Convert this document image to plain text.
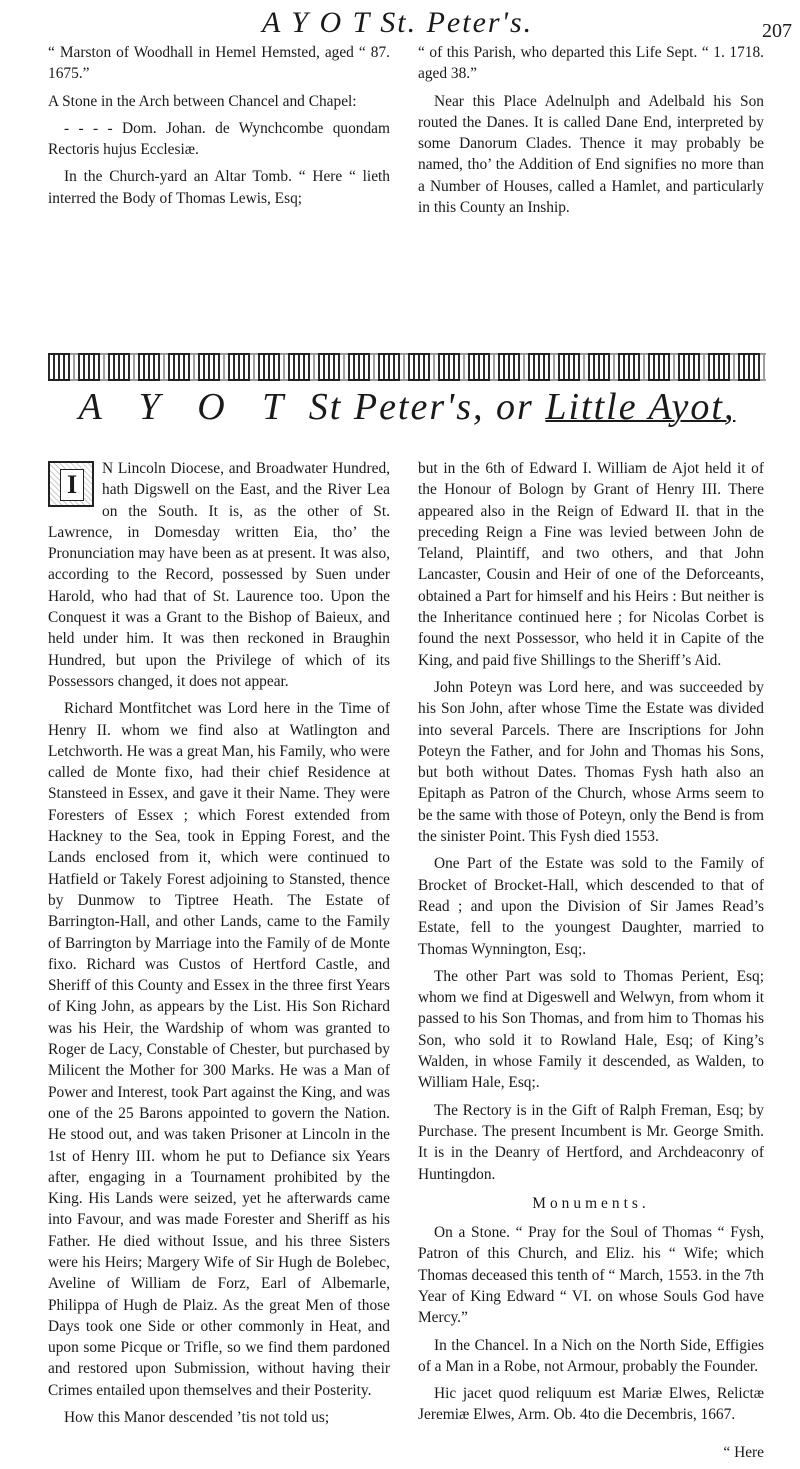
A Y O T St. Peter's.	207

“ Marston of Woodhall in Hemel Hemsted, aged “ 87. 1675.”

A Stone in the Arch between Chancel and Chapel:

- - - - Dom. Johan. de Wynchcombe quondam Rectoris hujus Ecclesiæ.

In the Church-yard an Altar Tomb. “ Here “ lieth interred the Body of Thomas Lewis, Esq;

“ of this Parish, who departed this Life Sept. “ 1. 1718. aged 38.”

Near this Place Adelnulph and Adelbald his Son routed the Danes. It is called Dane End, interpreted by some Danorum Clades. Thence it may probably be named, tho’ the Addition of End signifies no more than a Number of Houses, called a Hamlet, and particularly in this County an Inship.

A Y O T St Peter's, or Little Ayot,

I
N Lincoln Diocese, and Broadwater Hundred, hath Digswell on the East, and the River Lea on the South. It is, as the other of St. Lawrence, in Domesday written Eia, tho’ the Pronunciation may have been as at present. It was also, according to the Record, possessed by Suen under Harold, who had that of St. Laurence too. Upon the Conquest it was a Grant to the Bishop of Baieux, and held under him. It was then reckoned in Braughin Hundred, but upon the Privilege of which of its Possessors changed, it does not appear.

Richard Montfitchet was Lord here in the Time of Henry II. whom we find also at Watlington and Letchworth. He was a great Man, his Family, who were called de Monte fixo, had their chief Residence at Stansteed in Essex, and gave it their Name. They were Foresters of Essex ; which Forest extended from Hackney to the Sea, took in Epping Forest, and the Lands enclosed from it, which were continued to Hatfield or Takely Forest adjoining to Stansted, thence by Dunmow to Tiptree Heath. The Estate of Barrington-Hall, and other Lands, came to the Family of Barrington by Marriage into the Family of de Monte fixo. Richard was Custos of Hertford Castle, and Sheriff of this County and Essex in the three first Years of King John, as appears by the List. His Son Richard was his Heir, the Wardship of whom was granted to Roger de Lacy, Constable of Chester, but purchased by Milicent the Mother for 300 Marks. He was a Man of Power and Interest, took Part against the King, and was one of the 25 Barons appointed to govern the Nation. He stood out, and was taken Prisoner at Lincoln in the 1st of Henry III. whom he put to Defiance six Years after, engaging in a Tournament prohibited by the King. His Lands were seized, yet he afterwards came into Favour, and was made Forester and Sheriff as his Father. He died without Issue, and his three Sisters were his Heirs; Margery Wife of Sir Hugh de Bolebec, Aveline of William de Forz, Earl of Albemarle, Philippa of Hugh de Plaiz. As the great Men of those Days took one Side or other commonly in Heat, and upon some Picque or Trifle, so we find them pardoned and restored upon Submission, without having their Crimes entailed upon themselves and their Posterity.

How this Manor descended ’tis not told us;

but in the 6th of Edward I. William de Ajot held it of the Honour of Bologn by Grant of Henry III. There appeared also in the Reign of Edward II. that in the preceding Reign a Fine was levied between John de Teland, Plaintiff, and two others, and that John Lancaster, Cousin and Heir of one of the Deforceants, obtained a Part for himself and his Heirs : But neither is the Inheritance continued here ; for Nicolas Corbet is found the next Possessor, who held it in Capite of the King, and paid five Shillings to the Sheriff’s Aid.

John Poteyn was Lord here, and was succeeded by his Son John, after whose Time the Estate was divided into several Parcels. There are Inscriptions for John Poteyn the Father, and for John and Thomas his Sons, but both without Dates. Thomas Fysh hath also an Epitaph as Patron of the Church, whose Arms seem to be the same with those of Poteyn, only the Bend is from the sinister Point. This Fysh died 1553.

One Part of the Estate was sold to the Family of Brocket of Brocket-Hall, which descended to that of Read ; and upon the Division of Sir James Read’s Estate, fell to the youngest Daughter, married to Thomas Wynnington, Esq;.

The other Part was sold to Thomas Perient, Esq; whom we find at Digeswell and Welwyn, from whom it passed to his Son Thomas, and from him to Thomas his Son, who sold it to Rowland Hale, Esq; of King’s Walden, in whose Family it descended, as Walden, to William Hale, Esq;.

The Rectory is in the Gift of Ralph Freman, Esq; by Purchase. The present Incumbent is Mr. George Smith. It is in the Deanry of Hertford, and Archdeaconry of Huntingdon.

Monuments.

On a Stone. “ Pray for the Soul of Thomas “ Fysh, Patron of this Church, and Eliz. his “ Wife; which Thomas deceased this tenth of “ March, 1553. in the 7th Year of King Edward “ VI. on whose Souls God have Mercy.”

In the Chancel. In a Nich on the North Side, Effigies of a Man in a Robe, not Armour, probably the Founder.

Hic jacet quod reliquum est Mariæ Elwes, Relictæ Jeremiæ Elwes, Arm. Ob. 4to die Decembris, 1667.

“ Here
